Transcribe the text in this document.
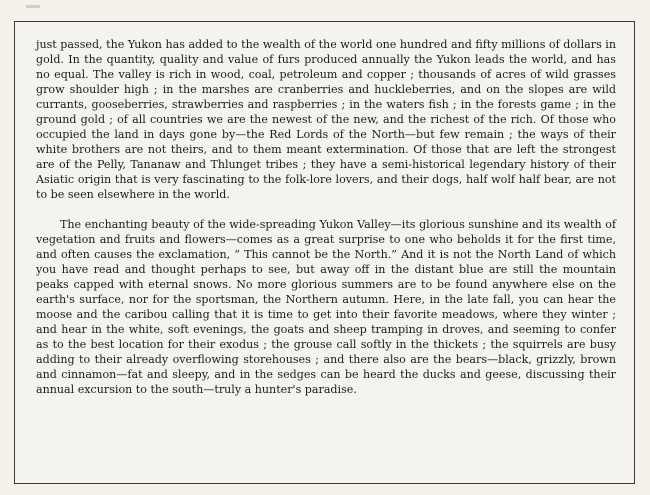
just passed, the Yukon has added to the wealth of the world one hundred and fifty millions of dollars in gold. In the quantity, quality and value of furs produced annually the Yukon leads the world, and has no equal. The valley is rich in wood, coal, petroleum and copper ; thousands of acres of wild grasses grow shoulder high ; in the marshes are cranberries and huckleberries, and on the slopes are wild currants, gooseberries, strawberries and raspberries ; in the waters fish ; in the forests game ; in the ground gold ; of all countries we are the newest of the new, and the richest of the rich. Of those who occupied the land in days gone by—the Red Lords of the North—but few remain ; the ways of their white brothers are not theirs, and to them meant extermination. Of those that are left the strongest are of the Pelly, Tananaw and Thlunget tribes ; they have a semi-historical legendary history of their Asiatic origin that is very fascinating to the folk-lore lovers, and their dogs, half wolf half bear, are not to be seen elsewhere in the world.

The enchanting beauty of the wide-spreading Yukon Valley—its glorious sunshine and its wealth of vegetation and fruits and flowers—comes as a great surprise to one who beholds it for the first time, and often causes the exclamation, “ This cannot be the North.” And it is not the North Land of which you have read and thought perhaps to see, but away off in the distant blue are still the mountain peaks capped with eternal snows. No more glorious summers are to be found anywhere else on the earth's surface, nor for the sportsman, the Northern autumn. Here, in the late fall, you can hear the moose and the caribou calling that it is time to get into their favorite meadows, where they winter ; and hear in the white, soft evenings, the goats and sheep tramping in droves, and seeming to confer as to the best location for their exodus ; the grouse call softly in the thickets ; the squirrels are busy adding to their already overflowing storehouses ; and there also are the bears—black, grizzly, brown and cinnamon—fat and sleepy, and in the sedges can be heard the ducks and geese, discussing their annual excursion to the south—truly a hunter's paradise.
